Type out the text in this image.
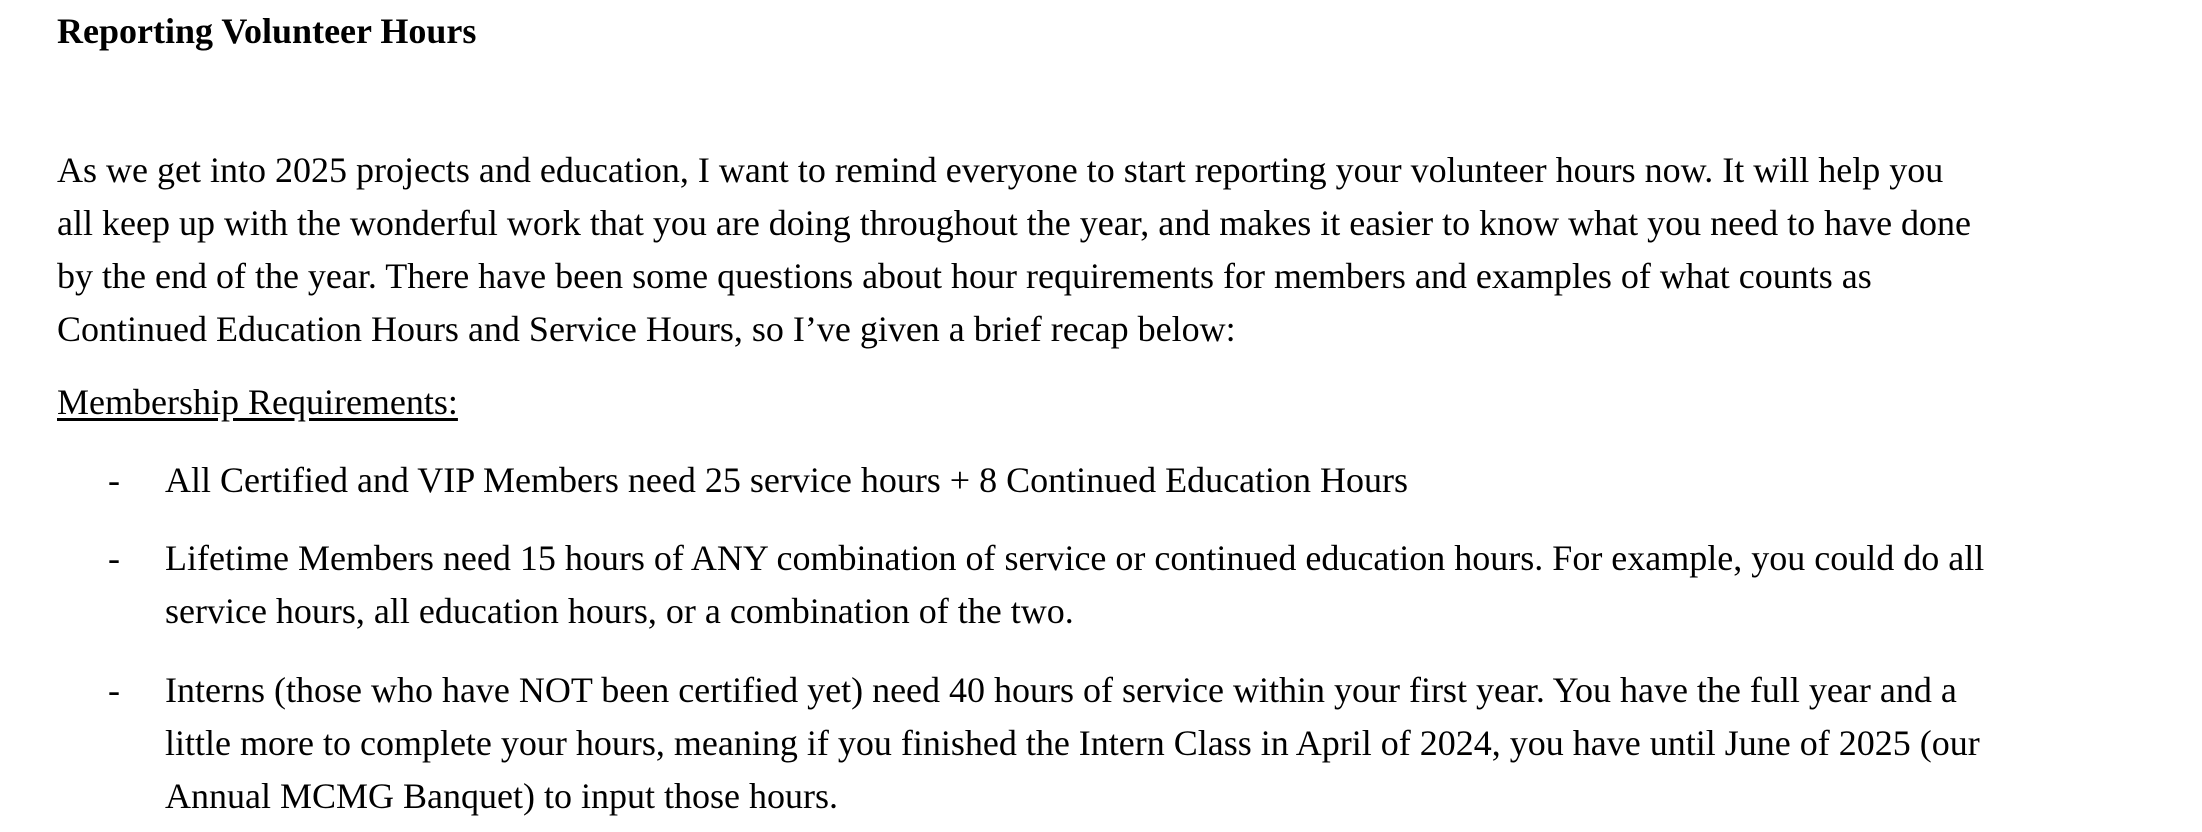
Reporting Volunteer Hours

As we get into 2025 projects and education, I want to remind everyone to start reporting your volunteer hours now. It will help you
all keep up with the wonderful work that you are doing throughout the year, and makes it easier to know what you need to have done
by the end of the year. There have been some questions about hour requirements for members and examples of what counts as
Continued Education Hours and Service Hours, so I’ve given a brief recap below:

Membership Requirements:
- All Certified and VIP Members need 25 service hours + 8 Continued Education Hours
- Lifetime Members need 15 hours of ANY combination of service or continued education hours. For example, you could do all
service hours, all education hours, or a combination of the two.
- Interns (those who have NOT been certified yet) need 40 hours of service within your first year. You have the full year and a
little more to complete your hours, meaning if you finished the Intern Class in April of 2024, you have until June of 2025 (our
Annual MCMG Banquet) to input those hours.
